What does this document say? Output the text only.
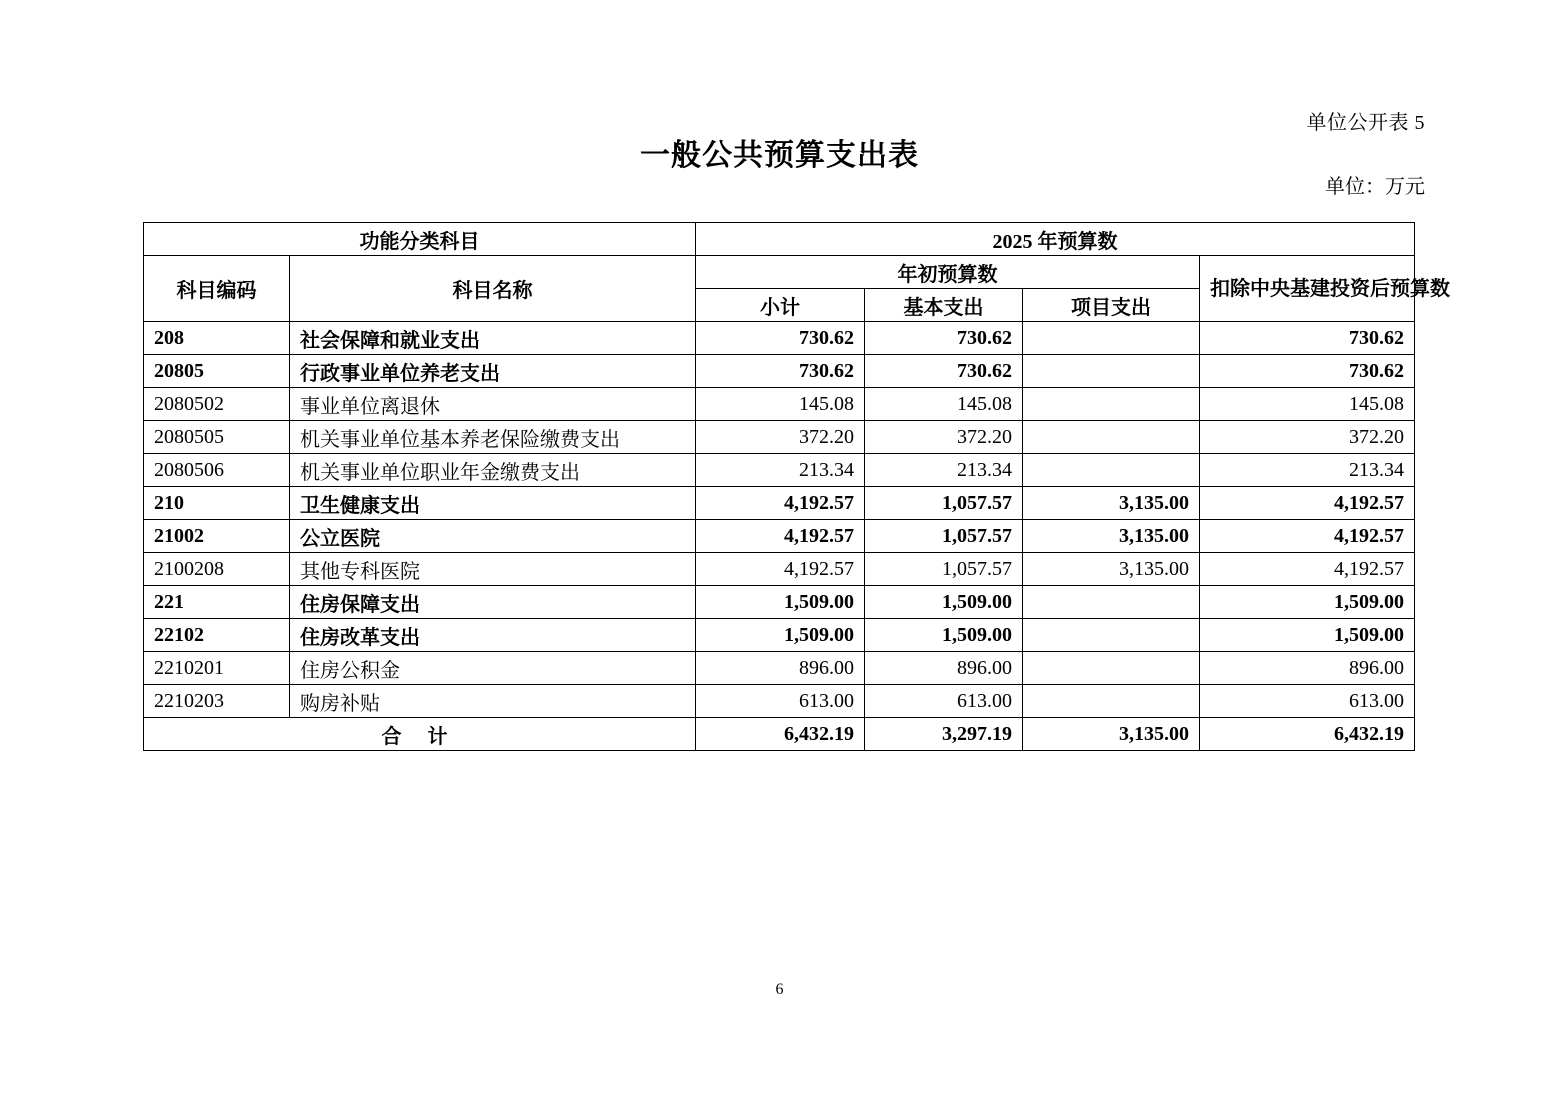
单位公开表 5
一般公共预算支出表
单位：万元
功能分类科目		2025 年预算数			
科目编码	科目名称	年初预算数			扣除中央基建投资后预算数
		小计	基本支出	项目支出	
208	社会保障和就业支出	730.62	730.62		730.62
20805	行政事业单位养老支出	730.62	730.62		730.62
2080502	事业单位离退休	145.08	145.08		145.08
2080505	机关事业单位基本养老保险缴费支出	372.20	372.20		372.20
2080506	机关事业单位职业年金缴费支出	213.34	213.34		213.34
210	卫生健康支出	4,192.57	1,057.57	3,135.00	4,192.57
21002	公立医院	4,192.57	1,057.57	3,135.00	4,192.57
2100208	其他专科医院	4,192.57	1,057.57	3,135.00	4,192.57
221	住房保障支出	1,509.00	1,509.00		1,509.00
22102	住房改革支出	1,509.00	1,509.00		1,509.00
2210201	住房公积金	896.00	896.00		896.00
2210203	购房补贴	613.00	613.00		613.00
合计		6,432.19	3,297.19	3,135.00	6,432.19
6
